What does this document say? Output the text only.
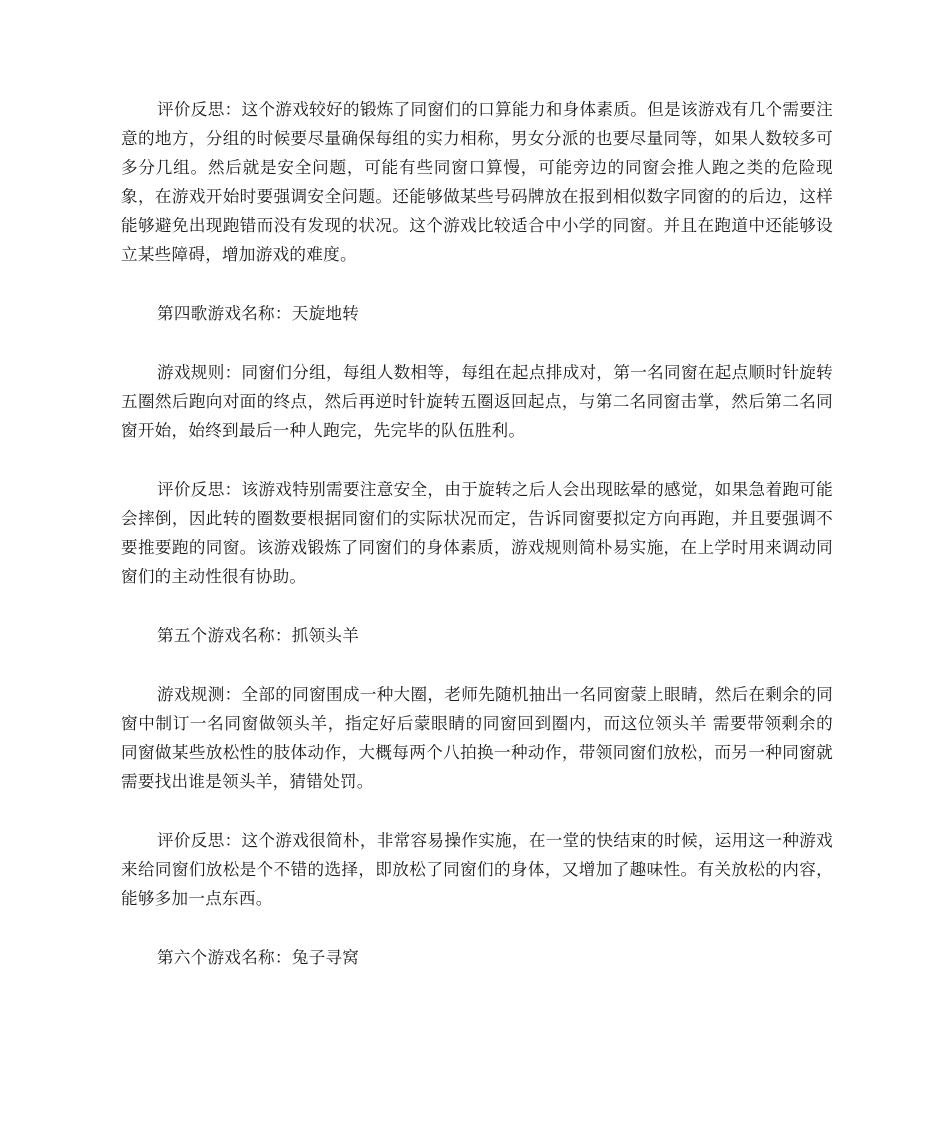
评价反思：这个游戏较好的锻炼了同窗们的口算能力和身体素质。但是该游戏有几个需要注意的地方，分组的时候要尽量确保每组的实力相称，男女分派的也要尽量同等，如果人数较多可多分几组。然后就是安全问题，可能有些同窗口算慢，可能旁边的同窗会推人跑之类的危险现象，在游戏开始时要强调安全问题。还能够做某些号码牌放在报到相似数字同窗的的后边，这样能够避免出现跑错而没有发现的状况。这个游戏比较适合中小学的同窗。并且在跑道中还能够设立某些障碍，增加游戏的难度。

第四歌游戏名称：天旋地转

游戏规则：同窗们分组，每组人数相等，每组在起点排成对，第一名同窗在起点顺时针旋转五圈然后跑向对面的终点，然后再逆时针旋转五圈返回起点，与第二名同窗击掌，然后第二名同窗开始，始终到最后一种人跑完，先完毕的队伍胜利。

评价反思：该游戏特别需要注意安全，由于旋转之后人会出现眩晕的感觉，如果急着跑可能会摔倒，因此转的圈数要根据同窗们的实际状况而定，告诉同窗要拟定方向再跑，并且要强调不要推要跑的同窗。该游戏锻炼了同窗们的身体素质，游戏规则简朴易实施，在上学时用来调动同窗们的主动性很有协助。

第五个游戏名称：抓领头羊

游戏规测：全部的同窗围成一种大圈，老师先随机抽出一名同窗蒙上眼睛，然后在剩余的同窗中制订一名同窗做领头羊，指定好后蒙眼睛的同窗回到圈内，而这位领头羊 需要带领剩余的同窗做某些放松性的肢体动作，大概每两个八拍换一种动作，带领同窗们放松，而另一种同窗就需要找出谁是领头羊，猜错处罚。

评价反思：这个游戏很简朴，非常容易操作实施，在一堂的快结束的时候，运用这一种游戏来给同窗们放松是个不错的选择，即放松了同窗们的身体，又增加了趣味性。有关放松的内容，能够多加一点东西。

第六个游戏名称：兔子寻窝
